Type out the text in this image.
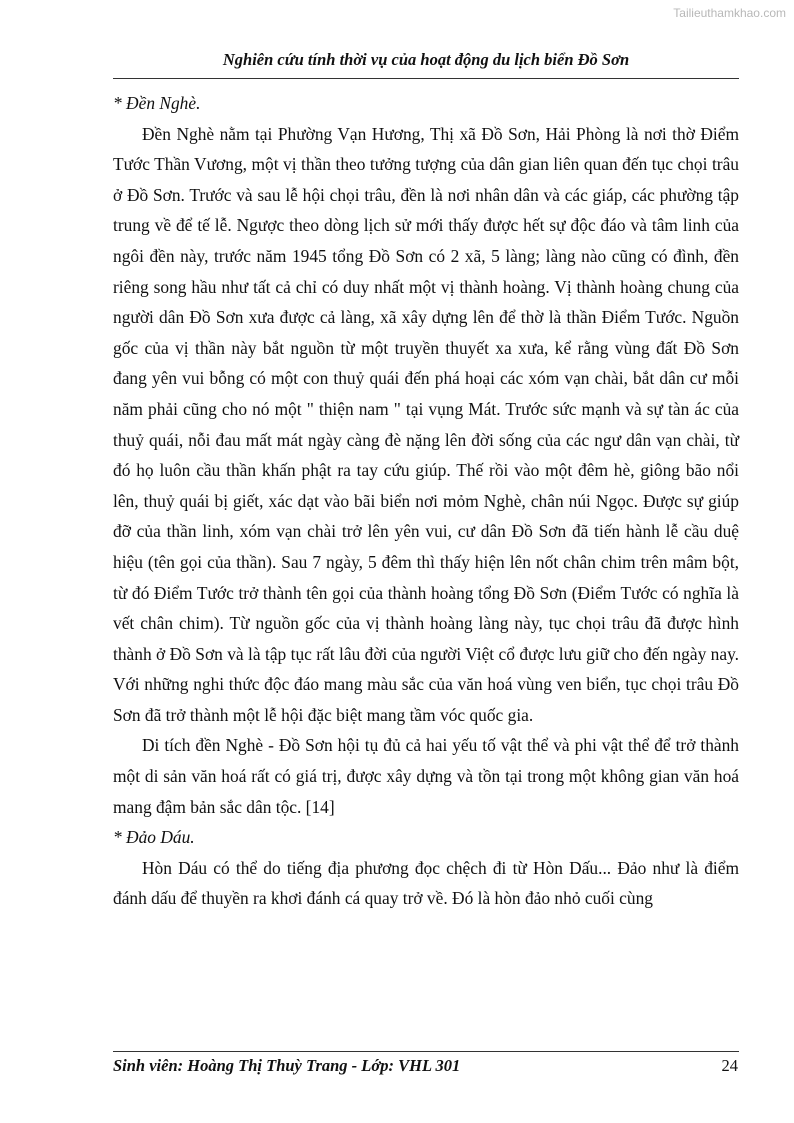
Tailieuthamkhao.com
Nghiên cứu tính thời vụ của hoạt động du lịch biển Đồ Sơn

* Đền Nghè.

Đền Nghè nằm tại Phường Vạn Hương, Thị xã Đồ Sơn, Hải Phòng là nơi thờ Điểm Tước Thần Vương, một vị thần theo tưởng tượng của dân gian liên quan đến tục chọi trâu ở Đồ Sơn. Trước và sau lễ hội chọi trâu, đền là nơi nhân dân và các giáp, các phường tập trung về để tế lễ. Ngược theo dòng lịch sử mới thấy được hết sự độc đáo và tâm linh của ngôi đền này, trước năm 1945 tổng Đồ Sơn có 2 xã, 5 làng; làng nào cũng có đình, đền riêng song hầu như tất cả chỉ có duy nhất một vị thành hoàng. Vị thành hoàng chung của người dân Đồ Sơn xưa được cả làng, xã xây dựng lên để thờ là thần Điểm Tước. Nguồn gốc của vị thần này bắt nguồn từ một truyền thuyết xa xưa, kể rằng vùng đất Đồ Sơn đang yên vui bỗng có một con thuỷ quái đến phá hoại các xóm vạn chài, bắt dân cư mỗi năm phải cũng cho nó một " thiện nam " tại vụng Mát. Trước sức mạnh và sự tàn ác của thuỷ quái, nỗi đau mất mát ngày càng đè nặng lên đời sống của các ngư dân vạn chài, từ đó họ luôn cầu thần khấn phật ra tay cứu giúp. Thế rồi vào một đêm hè, giông bão nổi lên, thuỷ quái bị giết, xác dạt vào bãi biển nơi mỏm Nghè, chân núi Ngọc. Được sự giúp đỡ của thần linh, xóm vạn chài trở lên yên vui, cư dân Đồ Sơn đã tiến hành lễ cầu duệ hiệu (tên gọi của thần). Sau 7 ngày, 5 đêm thì thấy hiện lên nốt chân chim trên mâm bột, từ đó Điểm Tước trở thành tên gọi của thành hoàng tổng Đồ Sơn (Điểm Tước có nghĩa là vết chân chim). Từ nguồn gốc của vị thành hoàng làng này, tục chọi trâu đã được hình thành ở Đồ Sơn và là tập tục rất lâu đời của người Việt cổ được lưu giữ cho đến ngày nay. Với những nghi thức độc đáo mang màu sắc của văn hoá vùng ven biển, tục chọi trâu Đồ Sơn đã trở thành một lễ hội đặc biệt mang tầm vóc quốc gia.

Di tích đền Nghè - Đồ Sơn hội tụ đủ cả hai yếu tố vật thể và phi vật thể để trở thành một di sản văn hoá rất có giá trị, được xây dựng và tồn tại trong một không gian văn hoá mang đậm bản sắc dân tộc. [14]

* Đảo Dáu.

Hòn Dáu có thể do tiếng địa phương đọc chệch đi từ Hòn Dấu... Đảo như là điểm đánh dấu để thuyền ra khơi đánh cá quay trở về. Đó là hòn đảo nhỏ cuối cùng

Sinh viên: Hoàng Thị Thuỳ Trang - Lớp: VHL 301	24
